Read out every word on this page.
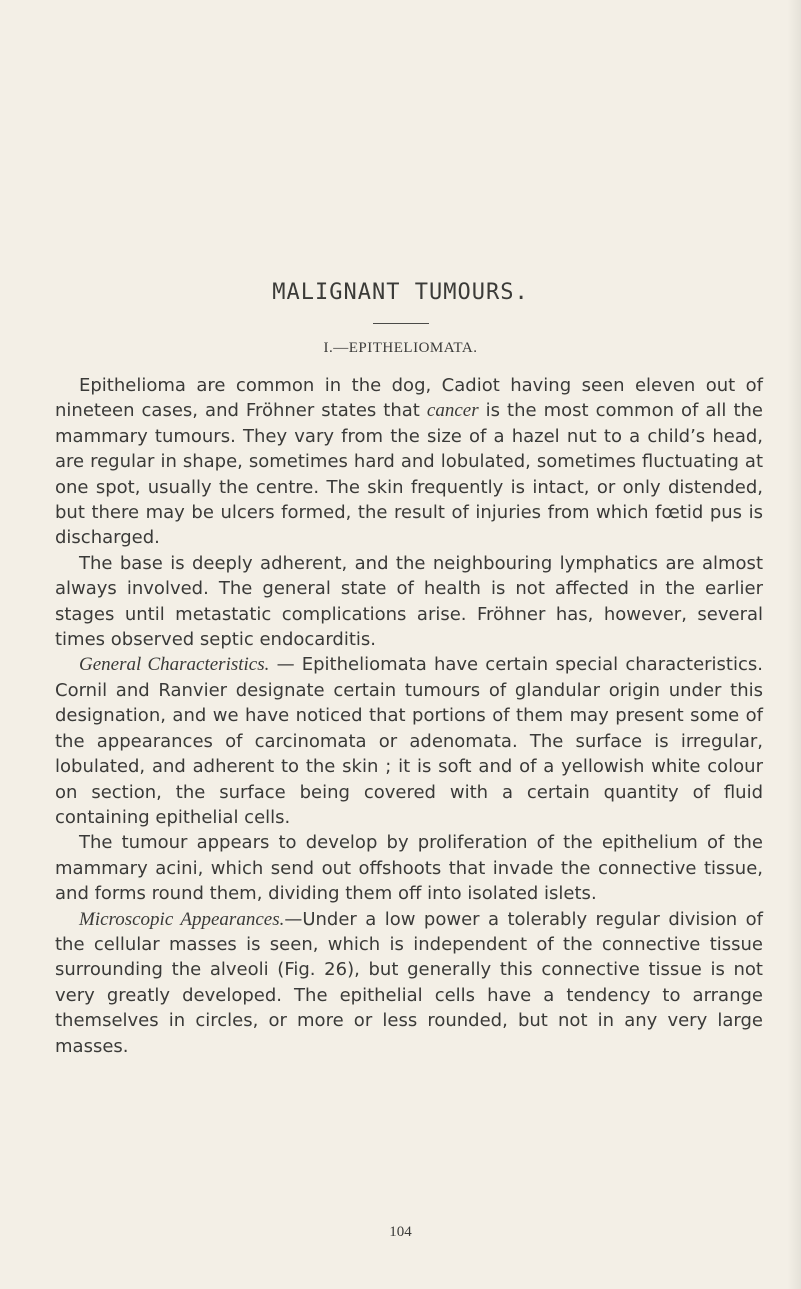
MALIGNANT TUMOURS.
I.—EPITHELIOMATA.

Epithelioma are common in the dog, Cadiot having seen eleven out of nineteen cases, and Fröhner states that cancer is the most common of all the mammary tumours. They vary from the size of a hazel nut to a child’s head, are regular in shape, sometimes hard and lobulated, sometimes fluctuating at one spot, usually the centre. The skin frequently is intact, or only distended, but there may be ulcers formed, the result of injuries from which fœtid pus is discharged.

The base is deeply adherent, and the neighbouring lymphatics are almost always involved. The general state of health is not affected in the earlier stages until metastatic complications arise. Fröhner has, however, several times observed septic endocarditis.

General Characteristics. — Epitheliomata have certain special characteristics. Cornil and Ranvier designate certain tumours of glandular origin under this designation, and we have noticed that portions of them may present some of the appearances of carcinomata or adenomata. The surface is irregular, lobulated, and adherent to the skin ; it is soft and of a yellowish white colour on section, the surface being covered with a certain quantity of fluid containing epithelial cells.

The tumour appears to develop by proliferation of the epithelium of the mammary acini, which send out offshoots that invade the connective tissue, and forms round them, dividing them off into isolated islets.

Microscopic Appearances.—Under a low power a tolerably regular division of the cellular masses is seen, which is independent of the connective tissue surrounding the alveoli (Fig. 26), but generally this connective tissue is not very greatly developed. The epithelial cells have a tendency to arrange themselves in circles, or more or less rounded, but not in any very large masses.

104
